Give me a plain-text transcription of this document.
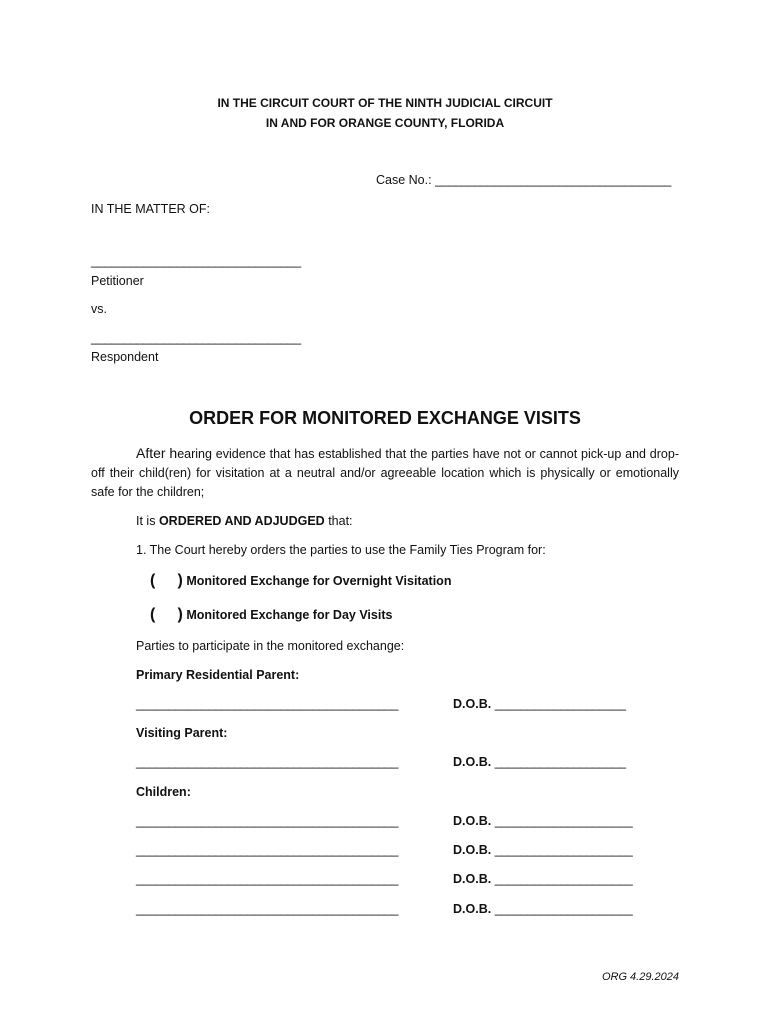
IN THE CIRCUIT COURT OF THE NINTH JUDICIAL CIRCUIT
IN AND FOR ORANGE COUNTY, FLORIDA
Case No.: ____________________________________
IN THE MATTER OF:
________________________________
Petitioner
vs.
________________________________
Respondent
ORDER FOR MONITORED EXCHANGE VISITS
After hearing evidence that has established that the parties have not or cannot pick-up and drop-off their child(ren) for visitation at a neutral and/or agreeable location which is physically or emotionally safe for the children;
It is ORDERED AND ADJUDGED that:
1. The Court hereby orders the parties to use the Family Ties Program for:
(     ) Monitored Exchange for Overnight Visitation
(     ) Monitored Exchange for Day Visits
Parties to participate in the monitored exchange:
Primary Residential Parent:
________________________________________	D.O.B. ____________________
Visiting Parent:
________________________________________	D.O.B. ____________________
Children:
________________________________________	D.O.B. _____________________
________________________________________	D.O.B. _____________________
________________________________________	D.O.B. _____________________
________________________________________	D.O.B. _____________________
ORG 4.29.2024
